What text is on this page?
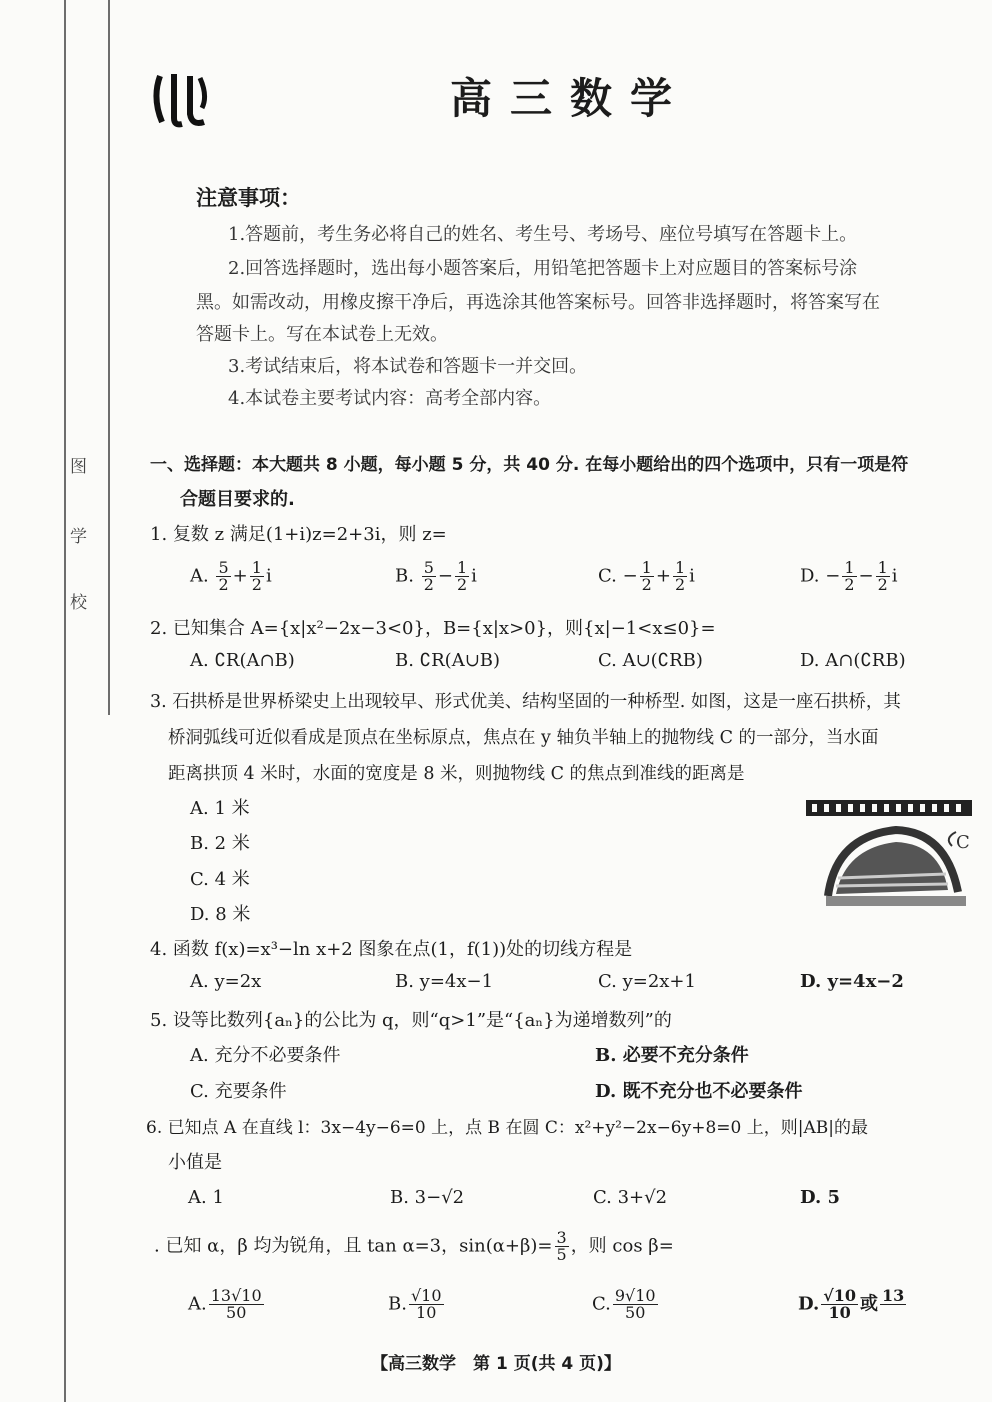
图
学
校
高三数学
注意事项：
1.答题前，考生务必将自己的姓名、考生号、考场号、座位号填写在答题卡上。
2.回答选择题时，选出每小题答案后，用铅笔把答题卡上对应题目的答案标号涂
黑。如需改动，用橡皮擦干净后，再选涂其他答案标号。回答非选择题时，将答案写在
答题卡上。写在本试卷上无效。
3.考试结束后，将本试卷和答题卡一并交回。
4.本试卷主要考试内容：高考全部内容。
一、选择题：本大题共 8 小题，每小题 5 分，共 40 分. 在每小题给出的四个选项中，只有一项是符
合题目要求的.
1. 复数 z 满足(1+i)z=2+3i，则 z=
A. $\frac{5}{2} + \frac{1}{2}$ i	B. $\frac{5}{2} - \frac{1}{2}$ i	C. − $\frac{1}{2} + \frac{1}{2}$ i	D. − $\frac{1}{2} - \frac{1}{2}$ i
2. 已知集合 A={x|x²−2x−3<0}，B={x|x>0}，则{x|−1<x≤0}=
A. ∁R(A∩B)	B. ∁R(A∪B)	C. A∪(∁RB)	D. A∩(∁RB)
3. 石拱桥是世界桥梁史上出现较早、形式优美、结构坚固的一种桥型. 如图，这是一座石拱桥，其
桥洞弧线可近似看成是顶点在坐标原点，焦点在 y 轴负半轴上的抛物线 C 的一部分，当水面
距离拱顶 4 米时，水面的宽度是 8 米，则抛物线 C 的焦点到准线的距离是
A. 1 米
B. 2 米
C. 4 米
D. 8 米
C
4. 函数 f(x)=x³−ln x+2 图象在点(1，f(1))处的切线方程是
A. y=2x	B. y=4x−1	C. y=2x+1	D. y=4x−2
5. 设等比数列{aₙ}的公比为 q，则“q>1”是“{aₙ}为递增数列”的
A. 充分不必要条件	B. 必要不充分条件
C. 充要条件	D. 既不充分也不必要条件
6. 已知点 A 在直线 l：3x−4y−6=0 上，点 B 在圆 C：x²+y²−2x−6y+8=0 上，则|AB|的最
小值是
A. 1	B. 3−√2	C. 3+√2	D. 5
. 已知 α，β 均为锐角，且 tan α=3，$\sin(\alpha+\beta)= \frac{3}{5}$ ，则 cos β=
A. $\frac{13√10}{50}$	B. $\frac{√10}{10}$	C. $\frac{9√10}{50}$	D. $\frac{√10}{10}$ 或 13

【高三数学　第 1 页(共 4 页)】
